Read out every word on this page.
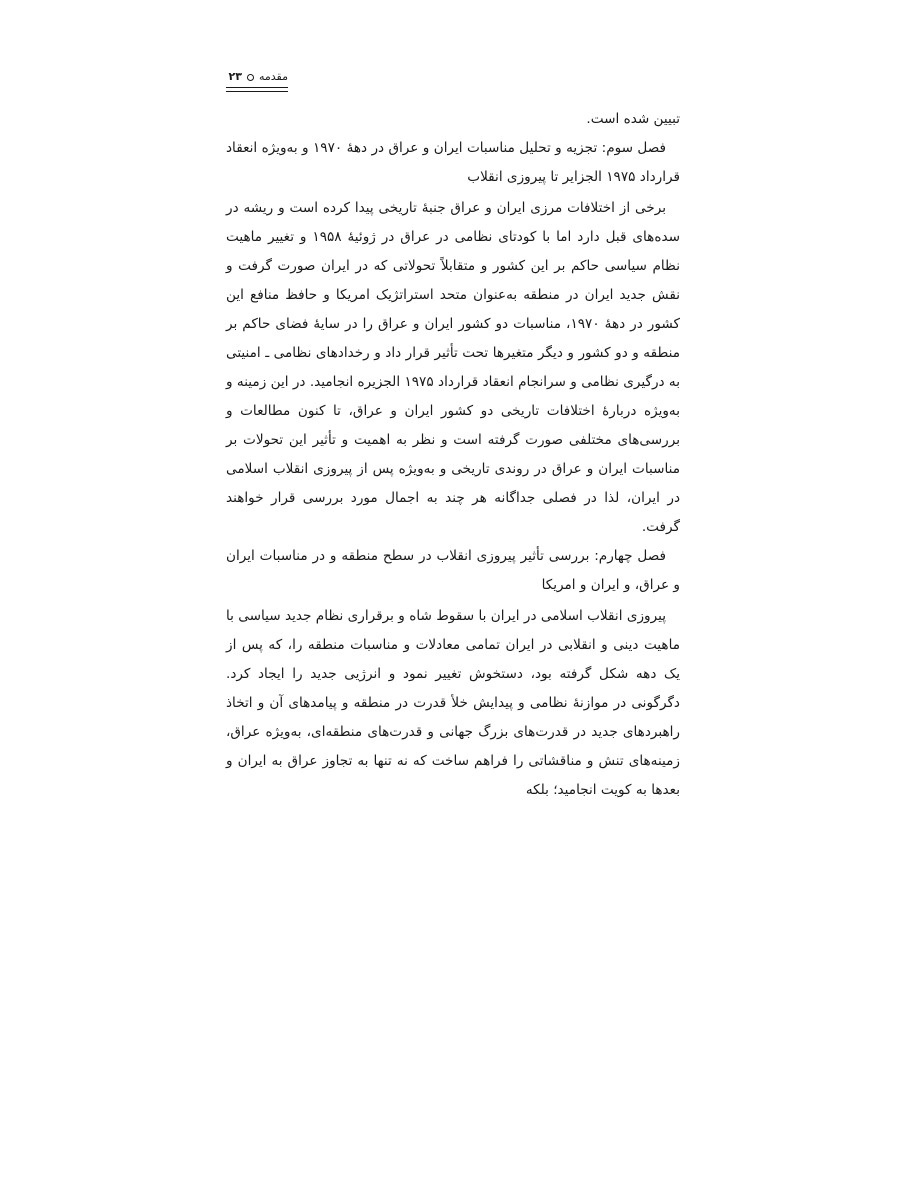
مقدمه۲۳

تبیین شده است.

فصل سوم: تجزیه و تحلیل مناسبات ایران و عراق در دهۀ ۱۹۷۰ و به‌ویژه انعقاد قرارداد ۱۹۷۵ الجزایر تا پیروزی انقلاب

برخی از اختلافات مرزی ایران و عراق جنبۀ تاریخی پیدا کرده است و ریشه در سده‌های قبل دارد اما با کودتای نظامی در عراق در ژوئیۀ ۱۹۵۸ و تغییر ماهیت نظام سیاسی حاکم بر این کشور و متقابلاً تحولاتی که در ایران صورت گرفت و نقش جدید ایران در منطقه به‌عنوان متحد استراتژیک امریکا و حافظ منافع این کشور در دهۀ ۱۹۷۰، مناسبات دو کشور ایران و عراق را در سایۀ فضای حاکم بر منطقه و دو کشور و دیگر متغیرها تحت تأثیر قرار داد و رخدادهای نظامی ـ امنیتی به درگیری نظامی و سرانجام انعقاد قرارداد ۱۹۷۵ الجزیره انجامید. در این زمینه و به‌ویژه دربارۀ اختلافات تاریخی دو کشور ایران و عراق، تا کنون مطالعات و بررسی‌های مختلفی صورت گرفته است و نظر به اهمیت و تأثیر این تحولات بر مناسبات ایران و عراق در روندی تاریخی و به‌ویژه پس از پیروزی انقلاب اسلامی در ایران، لذا در فصلی جداگانه هر چند به اجمال مورد بررسی قرار خواهند گرفت.

فصل چهارم: بررسی تأثیر پیروزی انقلاب در سطح منطقه و در مناسبات ایران و عراق، و ایران و امریکا

پیروزی انقلاب اسلامی در ایران با سقوط شاه و برقراری نظام جدید سیاسی با ماهیت دینی و انقلابی در ایران تمامی معادلات و مناسبات منطقه را، که پس از یک دهه شکل گرفته بود، دستخوش تغییر نمود و انرژیی جدید را ایجاد کرد. دگرگونی در موازنۀ نظامی و پیدایش خلأ قدرت در منطقه و پیامدهای آن و اتخاذ راهبردهای جدید در قدرت‌های بزرگ جهانی و قدرت‌های منطقه‌ای، به‌ویژه عراق، زمینه‌های تنش و مناقشاتی را فراهم ساخت که نه تنها به تجاوز عراق به ایران و بعدها به کویت انجامید؛ بلکه
